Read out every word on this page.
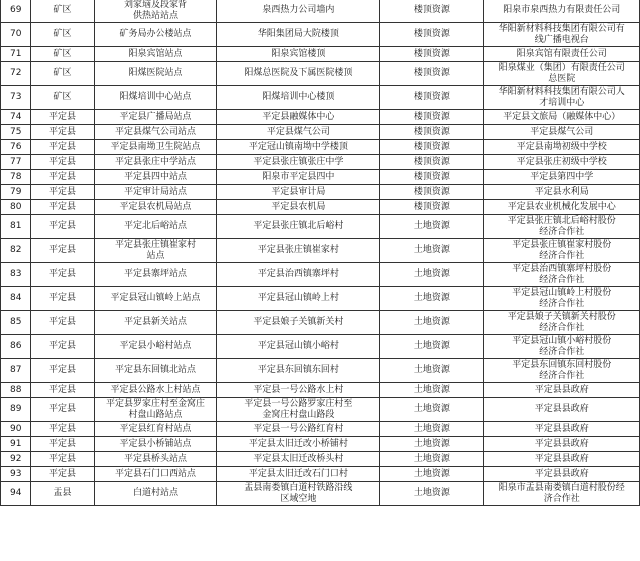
69	矿区	刘家垴及段家背
供热站站点	泉西热力公司墙内	楼顶资源	阳泉市泉西热力有限责任公司
70	矿区	矿务局办公楼站点	华阳集团局大院楼顶	楼顶资源	华阳新材料科技集团有限公司有
线广播电视台
71	矿区	阳泉宾馆站点	阳泉宾馆楼顶	楼顶资源	阳泉宾馆有限责任公司
72	矿区	阳煤医院站点	阳煤总医院及下属医院楼顶	楼顶资源	阳泉煤业（集团）有限责任公司
总医院
73	矿区	阳煤培训中心站点	阳煤培训中心楼顶	楼顶资源	华阳新材料科技集团有限公司人
才培训中心
74	平定县	平定县广播局站点	平定县融媒体中心	楼顶资源	平定县文旅局（融媒体中心）
75	平定县	平定县煤气公司站点	平定县煤气公司	楼顶资源	平定县煤气公司
76	平定县	平定县南坳卫生院站点	平定冠山镇南坳中学楼顶	楼顶资源	平定县南坳初级中学校
77	平定县	平定县张庄中学站点	平定县张庄镇张庄中学	楼顶资源	平定县张庄初级中学校
78	平定县	平定县四中站点	阳泉市平定县四中	楼顶资源	平定县第四中学
79	平定县	平定审计局站点	平定县审计局	楼顶资源	平定县水利局
80	平定县	平定县农机局站点	平定县农机局	楼顶资源	平定县农业机械化发展中心
81	平定县	平定北后峪站点	平定县张庄镇北后峪村	土地资源	平定县张庄镇北后峪村股份
经济合作社
82	平定县	平定县张庄镇崔家村
站点	平定县张庄镇崔家村	土地资源	平定县张庄镇崔家村股份
经济合作社
83	平定县	平定县寨坪站点	平定县治西镇寨坪村	土地资源	平定县治西镇寨坪村股份
经济合作社
84	平定县	平定县冠山镇岭上站点	平定县冠山镇岭上村	土地资源	平定县冠山镇岭上村股份
经济合作社
85	平定县	平定县新关站点	平定县娘子关镇新关村	土地资源	平定县娘子关镇新关村股份
经济合作社
86	平定县	平定县小峪村站点	平定县冠山镇小峪村	土地资源	平定县冠山镇小峪村股份
经济合作社
87	平定县	平定县东回镇北站点	平定县东回镇东回村	土地资源	平定县东回镇东回村股份
经济合作社
88	平定县	平定县公路水上村站点	平定县一号公路水上村	土地资源	平定县县政府
89	平定县	平定县罗家庄村至金窝庄
村盘山路站点	平定县一号公路罗家庄村至
金窝庄村盘山路段	土地资源	平定县县政府
90	平定县	平定县红育村站点	平定县一号公路红育村	土地资源	平定县县政府
91	平定县	平定县小桥铺站点	平定县太旧迁改小桥铺村	土地资源	平定县县政府
92	平定县	平定县桥头站点	平定县太旧迁改桥头村	土地资源	平定县县政府
93	平定县	平定县石门口西站点	平定县太旧迁改石门口村	土地资源	平定县县政府
94	盂县	白道村站点	盂县南娄镇白道村铁路沿线
区域空地	土地资源	阳泉市盂县南娄镇白道村股份经
济合作社
